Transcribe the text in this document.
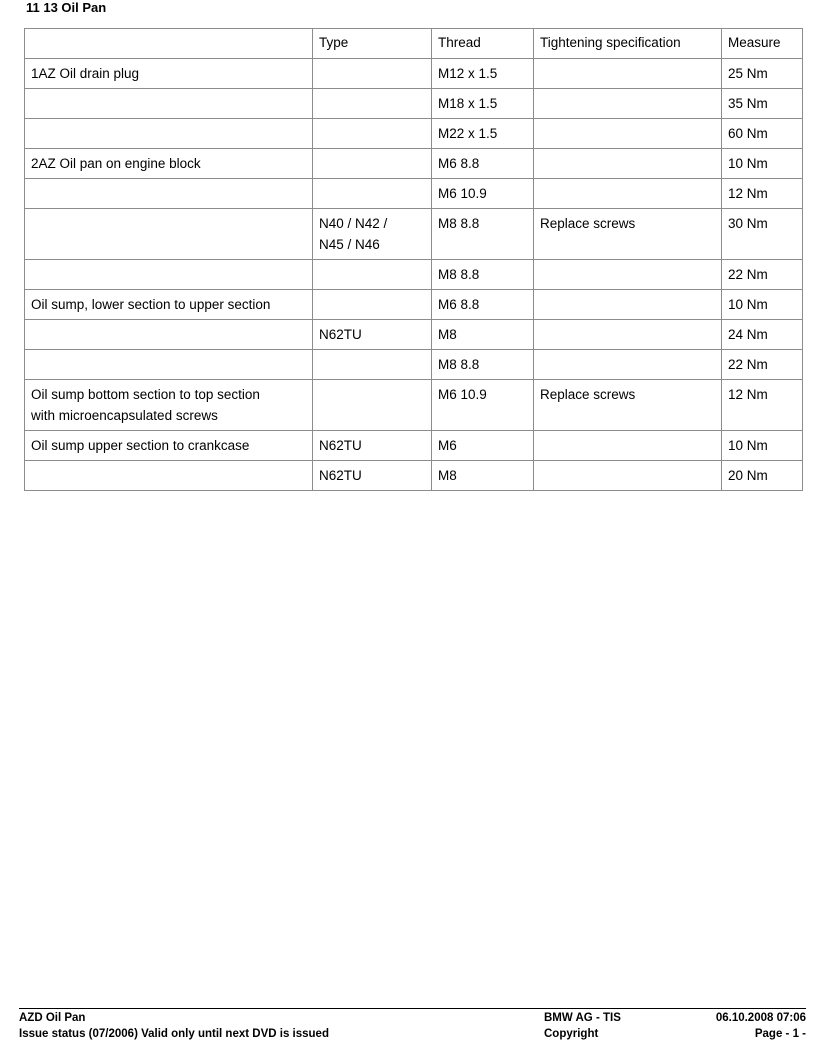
11 13 Oil Pan
	Type	Thread	Tightening specification	Measure
1AZ Oil drain plug		M12 x 1.5		25 Nm
		M18 x 1.5		35 Nm
		M22 x 1.5		60 Nm
2AZ Oil pan on engine block		M6 8.8		10 Nm
		M6 10.9		12 Nm
	N40 / N42 / N45 / N46	M8 8.8	Replace screws	30 Nm
		M8 8.8		22 Nm
Oil sump, lower section to upper section		M6 8.8		10 Nm
	N62TU	M8		24 Nm
		M8 8.8		22 Nm
Oil sump bottom section to top section with microencapsulated screws		M6 10.9	Replace screws	12 Nm
Oil sump upper section to crankcase	N62TU	M6		10 Nm
	N62TU	M8		20 Nm
AZD Oil Pan	BMW AG - TIS	06.10.2008 07:06
Issue status (07/2006) Valid only until next DVD is issued	Copyright	Page - 1 -
